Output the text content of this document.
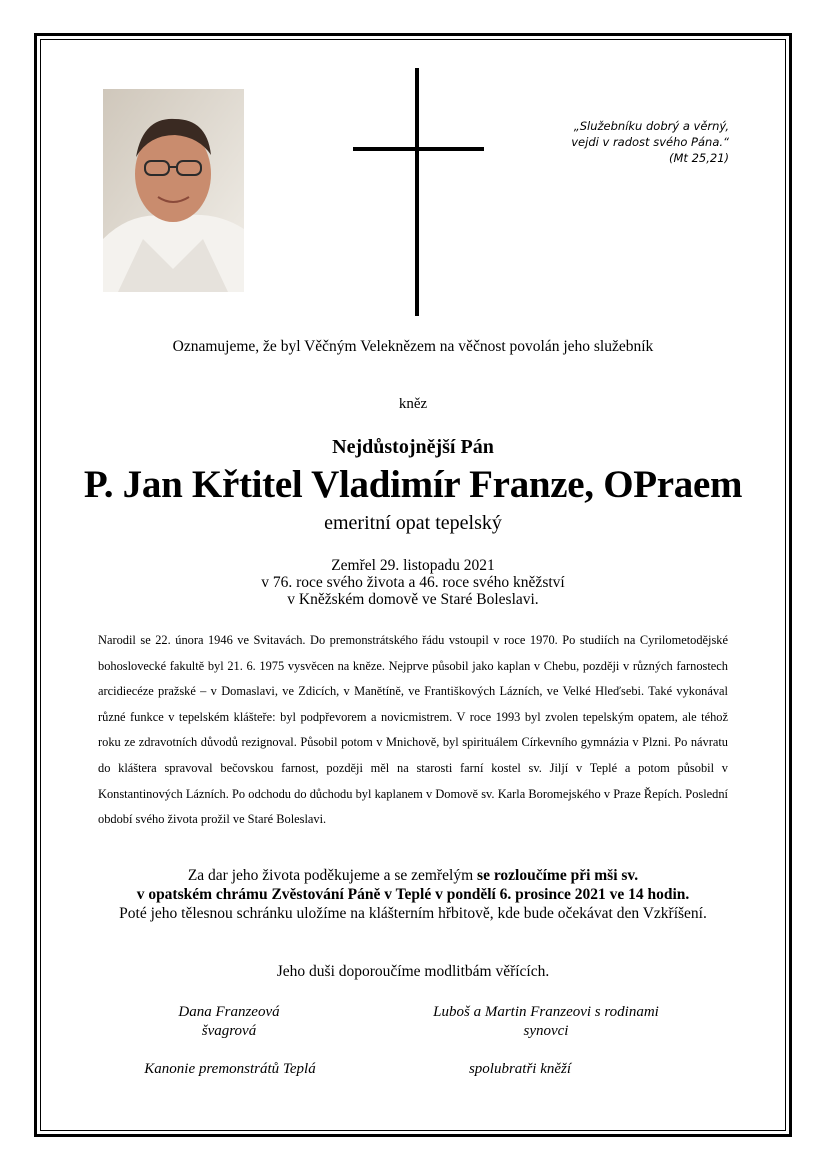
„Služebníku dobrý a věrný,
vejdi v radost svého Pána.“
(Mt 25,21)
Oznamujeme, že byl Věčným Veleknězem na věčnost povolán jeho služebník
kněz
Nejdůstojnější Pán
P. Jan Křtitel Vladimír Franze, OPraem
emeritní opat tepelský
Zemřel 29. listopadu 2021
v 76. roce svého života a 46. roce svého kněžství
v Kněžském domově ve Staré Boleslavi.
Narodil se 22. února 1946 ve Svitavách. Do premonstrátského řádu vstoupil v roce 1970. Po studiích na Cyrilometodějské bohoslovecké fakultě byl 21. 6. 1975 vysvěcen na kněze. Nejprve působil jako kaplan v Chebu, později v různých farnostech arcidiecéze pražské – v Domaslavi, ve Zdicích, v Manětíně, ve Františkových Lázních, ve Velké Hleďsebi. Také vykonával různé funkce v tepelském klášteře: byl podpřevorem a novicmistrem. V roce 1993 byl zvolen tepelským opatem, ale téhož roku ze zdravotních důvodů rezignoval. Působil potom v Mnichově, byl spirituálem Církevního gymnázia v Plzni. Po návratu do kláštera spravoval bečovskou farnost, později měl na starosti farní kostel sv. Jiljí v Teplé a potom působil v Konstantinových Lázních. Po odchodu do důchodu byl kaplanem v Domově sv. Karla Boromejského v Praze Řepích. Poslední období svého života prožil ve Staré Boleslavi.
Za dar jeho života poděkujeme a se zemřelým se rozloučíme při mši sv.
v opatském chrámu Zvěstování Páně v Teplé v pondělí 6. prosince 2021 ve 14 hodin.
Poté jeho tělesnou schránku uložíme na klášterním hřbitově, kde bude očekávat den Vzkříšení.
Jeho duši doporoučíme modlitbám věřících.
Dana Franzeová
švagrová
Luboš a Martin Franzeovi s rodinami
synovci
Kanonie premonstrátů Teplá	spolubratři kněží
